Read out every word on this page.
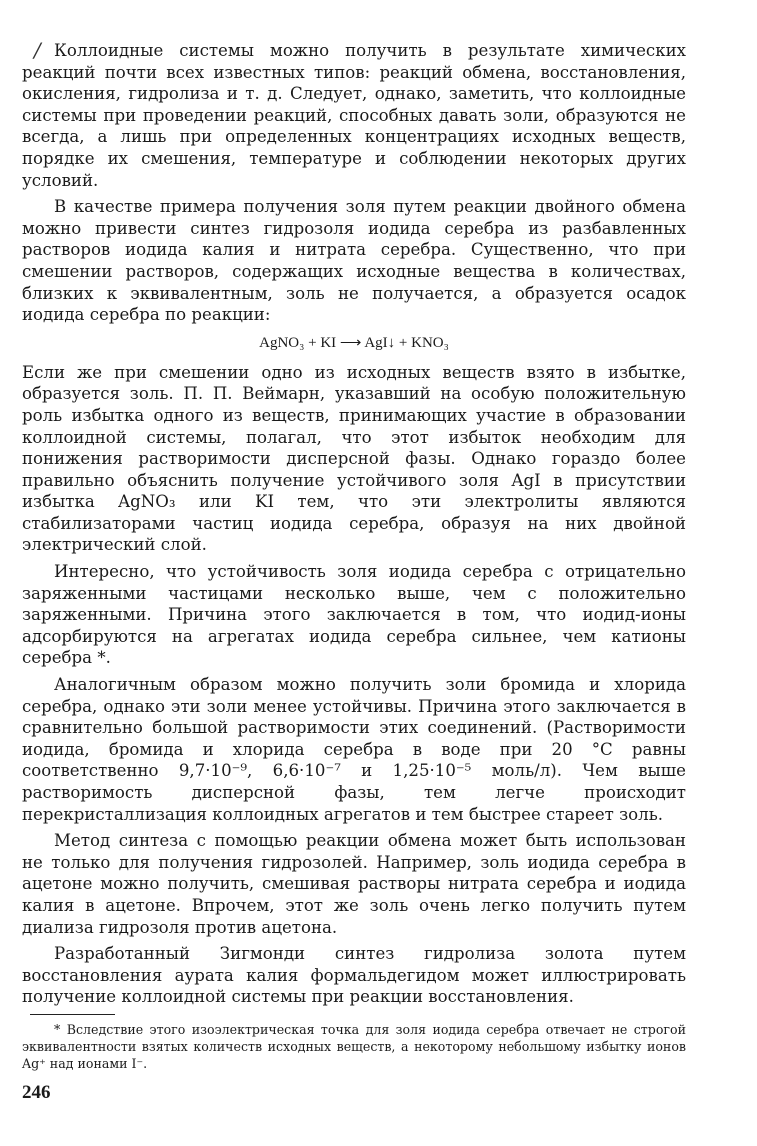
/ Коллоидные системы можно получить в результате химических реакций почти всех известных типов: реакций обмена, восстановления, окисления, гидролиза и т. д. Следует, однако, заметить, что коллоидные системы при проведении реакций, способных давать золи, образуются не всегда, а лишь при определенных концентрациях исходных веществ, порядке их смешения, температуре и соблюдении некоторых других условий.

В качестве примера получения золя путем реакции двойного обмена можно привести синтез гидрозоля иодида серебра из разбавленных растворов иодида калия и нитрата серебра. Существенно, что при смешении растворов, содержащих исходные вещества в количествах, близких к эквивалентным, золь не получается, а образуется осадок иодида серебра по реакции:

AgNO₃ + KI ⟶ AgI↓ + KNO₃

Если же при смешении одно из исходных веществ взято в избытке, образуется золь. П. П. Веймарн, указавший на особую положительную роль избытка одного из веществ, принимающих участие в образовании коллоидной системы, полагал, что этот избыток необходим для понижения растворимости дисперсной фазы. Однако гораздо более правильно объяснить получение устойчивого золя AgI в присутствии избытка AgNO₃ или KI тем, что эти электролиты являются стабилизаторами частиц иодида серебра, образуя на них двойной электрический слой.

Интересно, что устойчивость золя иодида серебра с отрицательно заряженными частицами несколько выше, чем с положительно заряженными. Причина этого заключается в том, что иодид-ионы адсорбируются на агрегатах иодида серебра сильнее, чем катионы серебра *.

Аналогичным образом можно получить золи бромида и хлорида серебра, однако эти золи менее устойчивы. Причина этого заключается в сравнительно большой растворимости этих соединений. (Растворимости иодида, бромида и хлорида серебра в воде при 20 °С равны соответственно 9,7·10⁻⁹, 6,6·10⁻⁷ и 1,25·10⁻⁵ моль/л). Чем выше растворимость дисперсной фазы, тем легче происходит перекристаллизация коллоидных агрегатов и тем быстрее стареет золь.

Метод синтеза с помощью реакции обмена может быть использован не только для получения гидрозолей. Например, золь иодида серебра в ацетоне можно получить, смешивая растворы нитрата серебра и иодида калия в ацетоне. Впрочем, этот же золь очень легко получить путем диализа гидрозоля против ацетона.

Разработанный Зигмонди синтез гидролиза золота путем восстановления аурата калия формальдегидом может иллюстрировать получение коллоидной системы при реакции восстановления.

* Вследствие этого изоэлектрическая точка для золя иодида серебра отвечает не строгой эквивалентности взятых количеств исходных веществ, а некоторому небольшому избытку ионов Ag⁺ над ионами I⁻.

246
